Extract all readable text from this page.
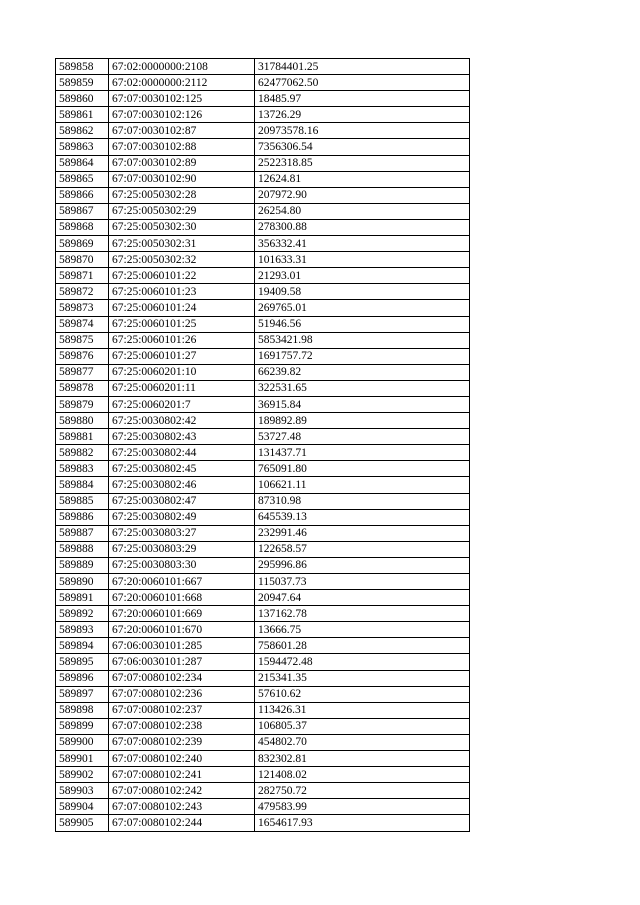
589858	67:02:0000000:2108	31784401.25
589859	67:02:0000000:2112	62477062.50
589860	67:07:0030102:125	18485.97
589861	67:07:0030102:126	13726.29
589862	67:07:0030102:87	20973578.16
589863	67:07:0030102:88	7356306.54
589864	67:07:0030102:89	2522318.85
589865	67:07:0030102:90	12624.81
589866	67:25:0050302:28	207972.90
589867	67:25:0050302:29	26254.80
589868	67:25:0050302:30	278300.88
589869	67:25:0050302:31	356332.41
589870	67:25:0050302:32	101633.31
589871	67:25:0060101:22	21293.01
589872	67:25:0060101:23	19409.58
589873	67:25:0060101:24	269765.01
589874	67:25:0060101:25	51946.56
589875	67:25:0060101:26	5853421.98
589876	67:25:0060101:27	1691757.72
589877	67:25:0060201:10	66239.82
589878	67:25:0060201:11	322531.65
589879	67:25:0060201:7	36915.84
589880	67:25:0030802:42	189892.89
589881	67:25:0030802:43	53727.48
589882	67:25:0030802:44	131437.71
589883	67:25:0030802:45	765091.80
589884	67:25:0030802:46	106621.11
589885	67:25:0030802:47	87310.98
589886	67:25:0030802:49	645539.13
589887	67:25:0030803:27	232991.46
589888	67:25:0030803:29	122658.57
589889	67:25:0030803:30	295996.86
589890	67:20:0060101:667	115037.73
589891	67:20:0060101:668	20947.64
589892	67:20:0060101:669	137162.78
589893	67:20:0060101:670	13666.75
589894	67:06:0030101:285	758601.28
589895	67:06:0030101:287	1594472.48
589896	67:07:0080102:234	215341.35
589897	67:07:0080102:236	57610.62
589898	67:07:0080102:237	113426.31
589899	67:07:0080102:238	106805.37
589900	67:07:0080102:239	454802.70
589901	67:07:0080102:240	832302.81
589902	67:07:0080102:241	121408.02
589903	67:07:0080102:242	282750.72
589904	67:07:0080102:243	479583.99
589905	67:07:0080102:244	1654617.93
